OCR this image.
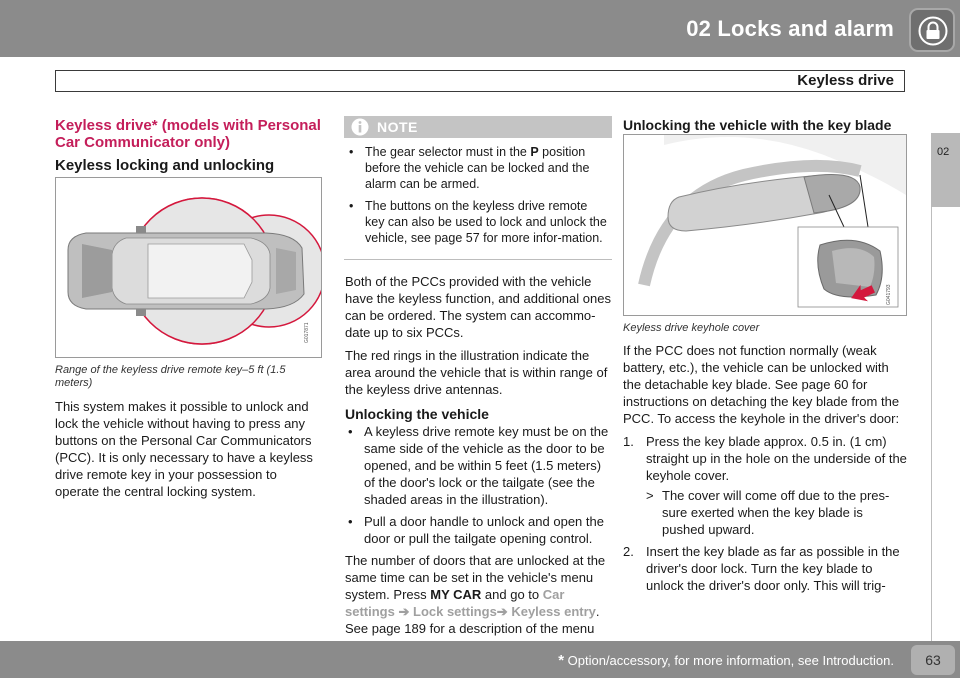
02 Locks and alarm
Keyless drive
02
Keyless drive* (models with Personal Car Communicator only)
Keyless locking and unlocking
G017871
Range of the keyless drive remote key–5 ft (1.5 meters)
This system makes it possible to unlock and lock the vehicle without having to press any buttons on the Personal Car Communicators (PCC). It is only necessary to have a keyless drive remote key in your possession to operate the central locking system.
NOTE
• The gear selector must in the P position before the vehicle can be locked and the alarm can be armed.
• The buttons on the keyless drive remote key can also be used to lock and unlock the vehicle, see page 57 for more infor-mation.

Both of the PCCs provided with the vehicle have the keyless function, and additional ones can be ordered. The system can accommo-date up to six PCCs.

The red rings in the illustration indicate the area around the vehicle that is within range of the keyless drive antennas.

Unlocking the vehicle
• A keyless drive remote key must be on the same side of the vehicle as the door to be opened, and be within 5 feet (1.5 meters) of the door's lock or the tailgate (see the shaded areas in the illustration).
• Pull a door handle to unlock and open the door or pull the tailgate opening control.

The number of doors that are unlocked at the same time can be set in the vehicle's menu system. Press MY CAR and go to Car settings ➔ Lock settings➔ Keyless entry. See page 189 for a description of the menu

Unlocking the vehicle with the key blade
G041793
Keyless drive keyhole cover

If the PCC does not function normally (weak battery, etc.), the vehicle can be unlocked with the detachable key blade. See page 60 for instructions on detaching the key blade from the PCC. To access the keyhole in the driver's door:

1. Press the key blade approx. 0.5 in. (1 cm) straight up in the hole on the underside of the keyhole cover.
> The cover will come off due to the pres-sure exerted when the key blade is pushed upward.
2. Insert the key blade as far as possible in the driver's door lock. Turn the key blade to unlock the driver's door only. This will trig-
* Option/accessory, for more information, see Introduction.	63
